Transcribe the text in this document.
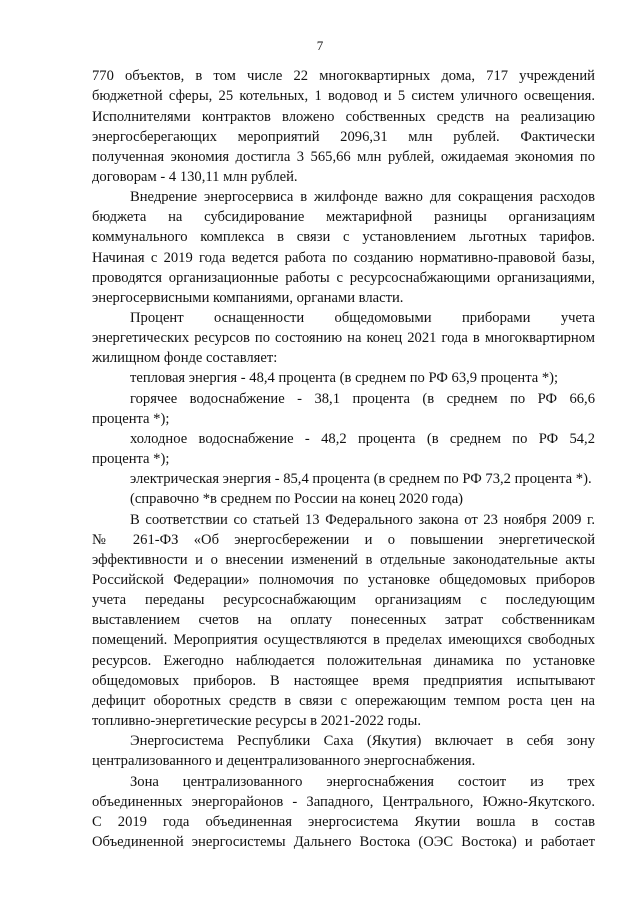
7
770 объектов, в том числе 22 многоквартирных дома, 717 учреждений
бюджетной сферы, 25 котельных, 1 водовод и 5 систем уличного освещения.
Исполнителями контрактов вложено собственных средств на реализацию
энергосберегающих мероприятий 2096,31 млн рублей. Фактически
полученная экономия достигла 3 565,66 млн рублей, ожидаемая экономия по
договорам - 4 130,11 млн рублей.
Внедрение энергосервиса в жилфонде важно для сокращения расходов
бюджета на субсидирование межтарифной разницы организациям
коммунального комплекса в связи с установлением льготных тарифов.
Начиная с 2019 года ведется работа по созданию нормативно-правовой базы,
проводятся организационные работы с ресурсоснабжающими организациями,
энергосервисными компаниями, органами власти.
Процент оснащенности общедомовыми приборами учета
энергетических ресурсов по состоянию на конец 2021 года в многоквартирном
жилищном фонде составляет:
тепловая энергия - 48,4 процента (в среднем по РФ 63,9 процента *);
горячее водоснабжение - 38,1 процента (в среднем по РФ 66,6
процента *);
холодное водоснабжение - 48,2 процента (в среднем по РФ 54,2
процента *);
электрическая энергия - 85,4 процента (в среднем по РФ 73,2 процента *).
(справочно *в среднем по России на конец 2020 года)
В соответствии со статьей 13 Федерального закона от 23 ноября 2009 г.
№ 261-ФЗ «Об энергосбережении и о повышении энергетической
эффективности и о внесении изменений в отдельные законодательные акты
Российской Федерации» полномочия по установке общедомовых приборов
учета переданы ресурсоснабжающим организациям с последующим
выставлением счетов на оплату понесенных затрат собственникам
помещений. Мероприятия осуществляются в пределах имеющихся свободных
ресурсов. Ежегодно наблюдается положительная динамика по установке
общедомовых приборов. В настоящее время предприятия испытывают
дефицит оборотных средств в связи с опережающим темпом роста цен на
топливно-энергетические ресурсы в 2021-2022 годы.
Энергосистема Республики Саха (Якутия) включает в себя зону
централизованного и децентрализованного энергоснабжения.
Зона централизованного энергоснабжения состоит из трех
объединенных энергорайонов - Западного, Центрального, Южно-Якутского.
С 2019 года объединенная энергосистема Якутии вошла в состав
Объединенной энергосистемы Дальнего Востока (ОЭС Востока) и работает
